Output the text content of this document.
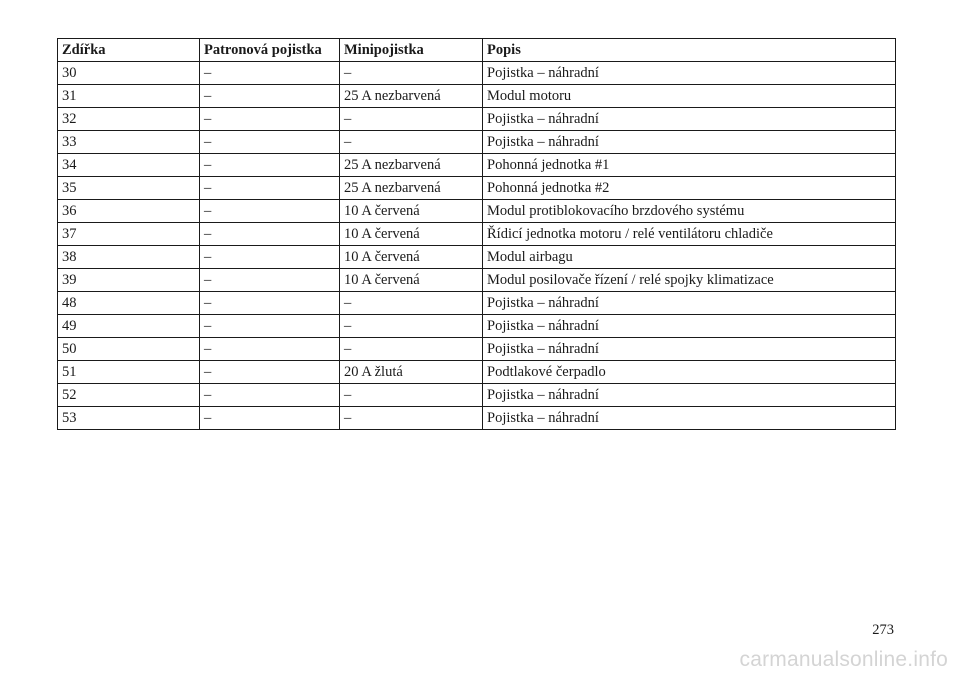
Zdířka	Patronová pojistka	Minipojistka	Popis
30	–	–	Pojistka – náhradní
31	–	25 A nezbarvená	Modul motoru
32	–	–	Pojistka – náhradní
33	–	–	Pojistka – náhradní
34	–	25 A nezbarvená	Pohonná jednotka #1
35	–	25 A nezbarvená	Pohonná jednotka #2
36	–	10 A červená	Modul protiblokovacího brzdového systému
37	–	10 A červená	Řídicí jednotka motoru / relé ventilátoru chladiče
38	–	10 A červená	Modul airbagu
39	–	10 A červená	Modul posilovače řízení / relé spojky klimatizace
48	–	–	Pojistka – náhradní
49	–	–	Pojistka – náhradní
50	–	–	Pojistka – náhradní
51	–	20 A žlutá	Podtlakové čerpadlo
52	–	–	Pojistka – náhradní
53	–	–	Pojistka – náhradní
273
carmanualsonline.info
